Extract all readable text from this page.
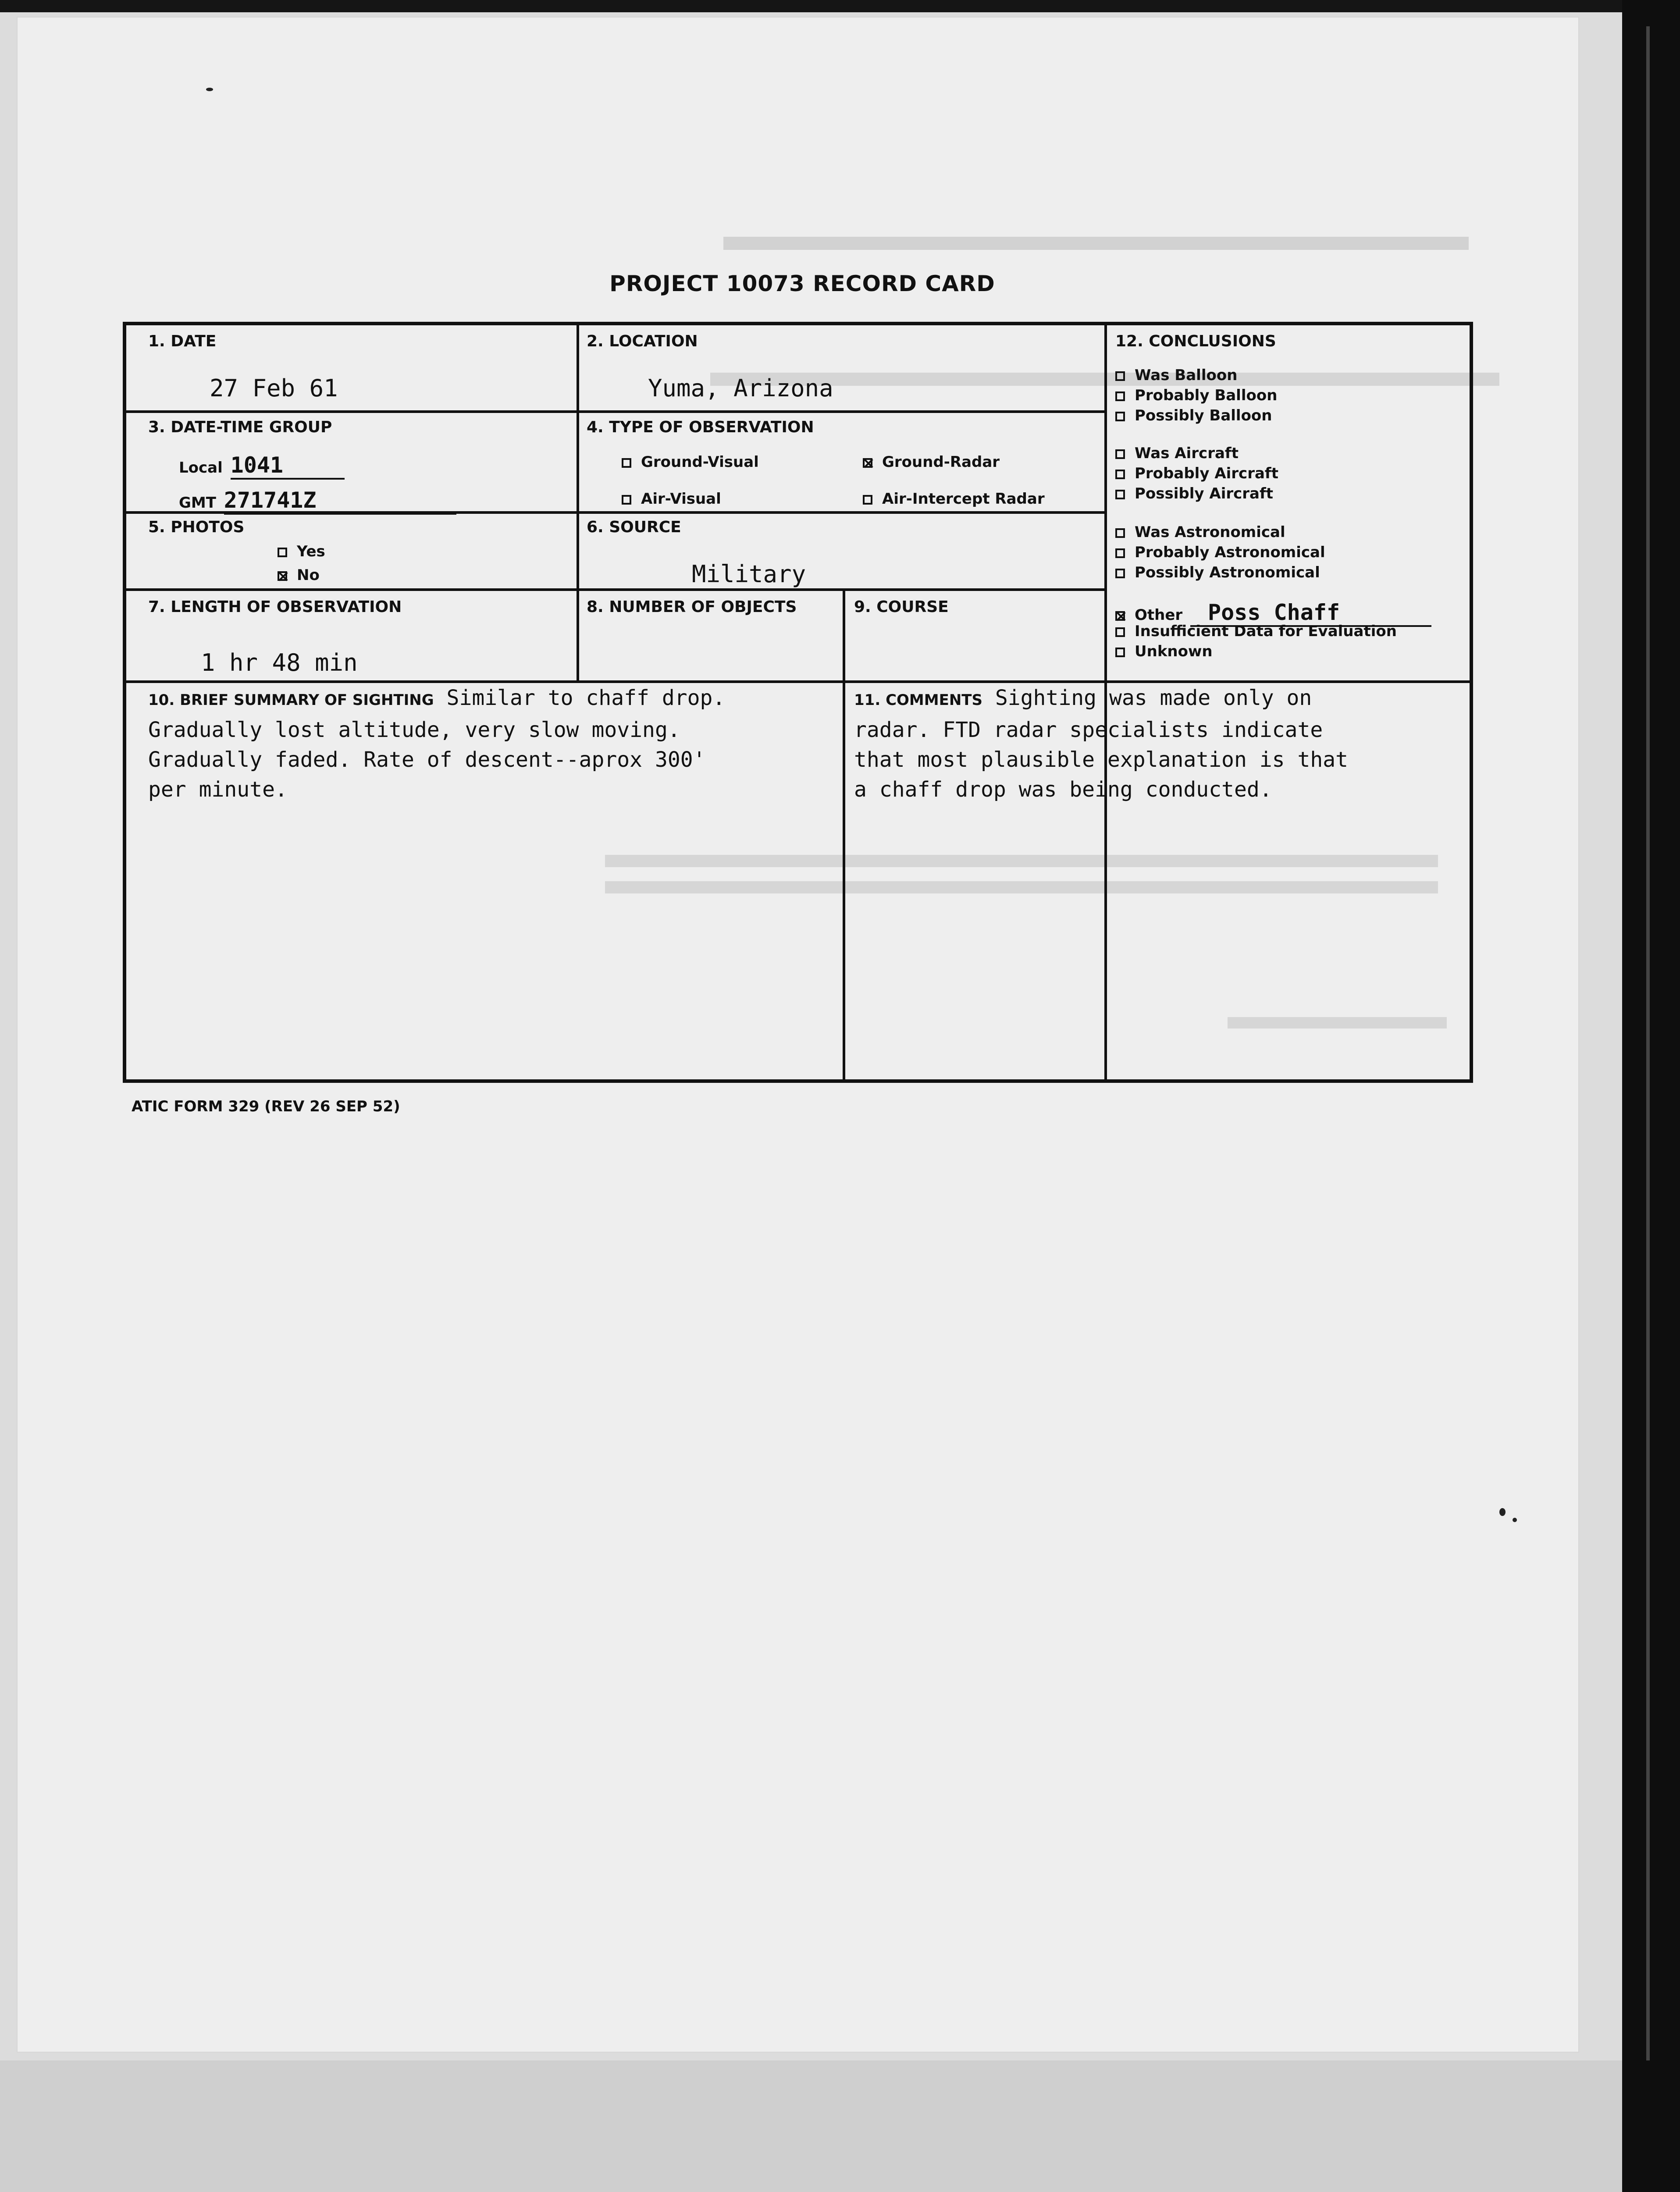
PROJECT 10073 RECORD CARD
1. DATE
27 Feb 61
2. LOCATION
Yuma, Arizona
3. DATE-TIME GROUP
Local 1041
GMT 271741Z
4. TYPE OF OBSERVATION
Ground-Visual	Ground-Radar
Air-Visual	Air-Intercept Radar
5. PHOTOS
Yes
No
6. SOURCE
Military
7. LENGTH OF OBSERVATION
1 hr 48 min
8. NUMBER OF OBJECTS	9. COURSE
10. BRIEF SUMMARY OF SIGHTING Similar to chaff drop.
Gradually lost altitude, very slow moving.
Gradually faded. Rate of descent--aprox 300'
per minute.
11. COMMENTS Sighting was made only on
radar. FTD radar specialists indicate
that most plausible explanation is that
a chaff drop was being conducted.
12. CONCLUSIONS
Was Balloon
Probably Balloon
Possibly Balloon
Was Aircraft
Probably Aircraft
Possibly Aircraft
Was Astronomical
Probably Astronomical
Possibly Astronomical
Other Poss Chaff
Insufficient Data for Evaluation
Unknown
ATIC FORM 329 (REV 26 SEP 52)
